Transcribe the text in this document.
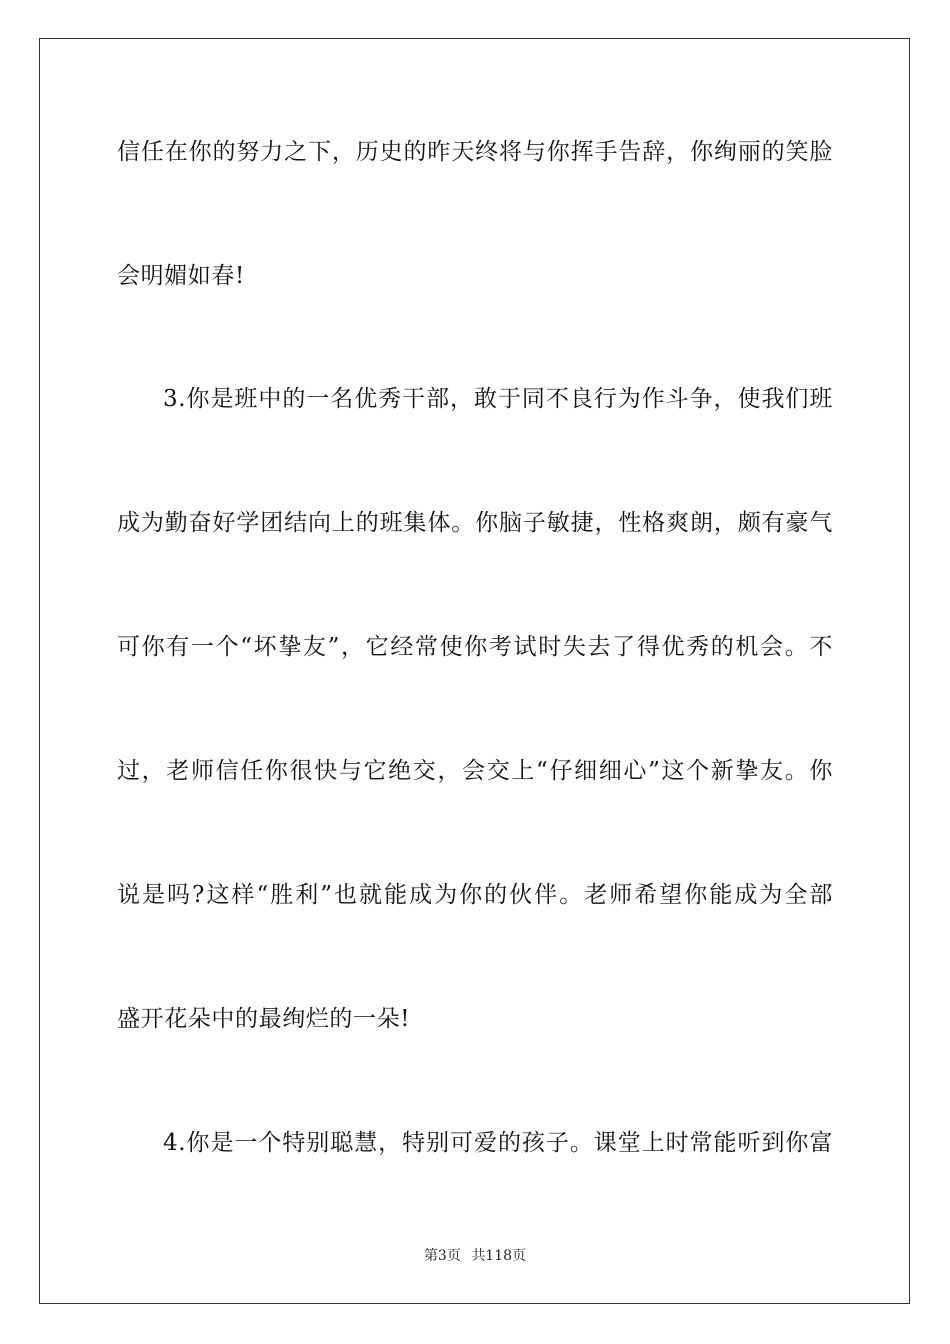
信任在你的努力之下，历史的昨天终将与你挥手告辞，你绚丽的笑脸
会明媚如春!
3.你是班中的一名优秀干部，敢于同不良行为作斗争，使我们班
成为勤奋好学团结向上的班集体。你脑子敏捷，性格爽朗，颇有豪气
可你有一个“坏挚友”，它经常使你考试时失去了得优秀的机会。不
过，老师信任你很快与它绝交，会交上“仔细细心”这个新挚友。你
说是吗?这样“胜利”也就能成为你的伙伴。老师希望你能成为全部
盛开花朵中的最绚烂的一朵!
4.你是一个特别聪慧，特别可爱的孩子。课堂上时常能听到你富
第3页 共118页
